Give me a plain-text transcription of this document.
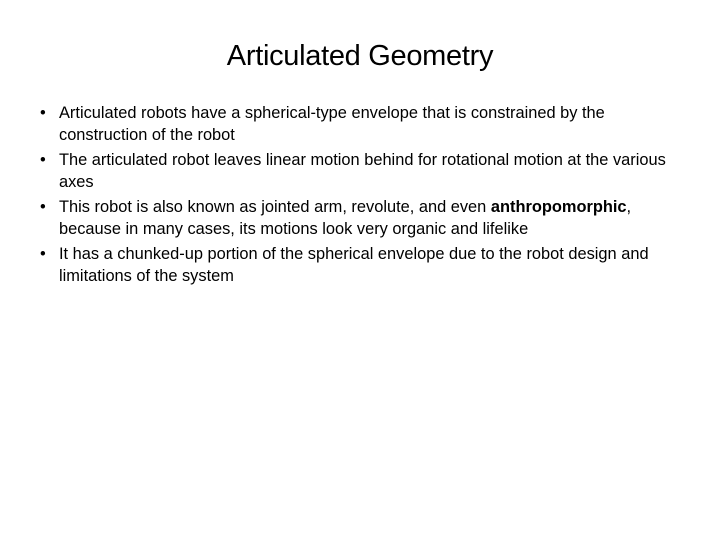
Articulated Geometry
• Articulated robots have a spherical-type envelope that is constrained by the construction of the robot
• The articulated robot leaves linear motion behind for rotational motion at the various axes
• This robot is also known as jointed arm, revolute, and even anthropomorphic, because in many cases, its motions look very organic and lifelike
• It has a chunked-up portion of the spherical envelope due to the robot design and limitations of the system
